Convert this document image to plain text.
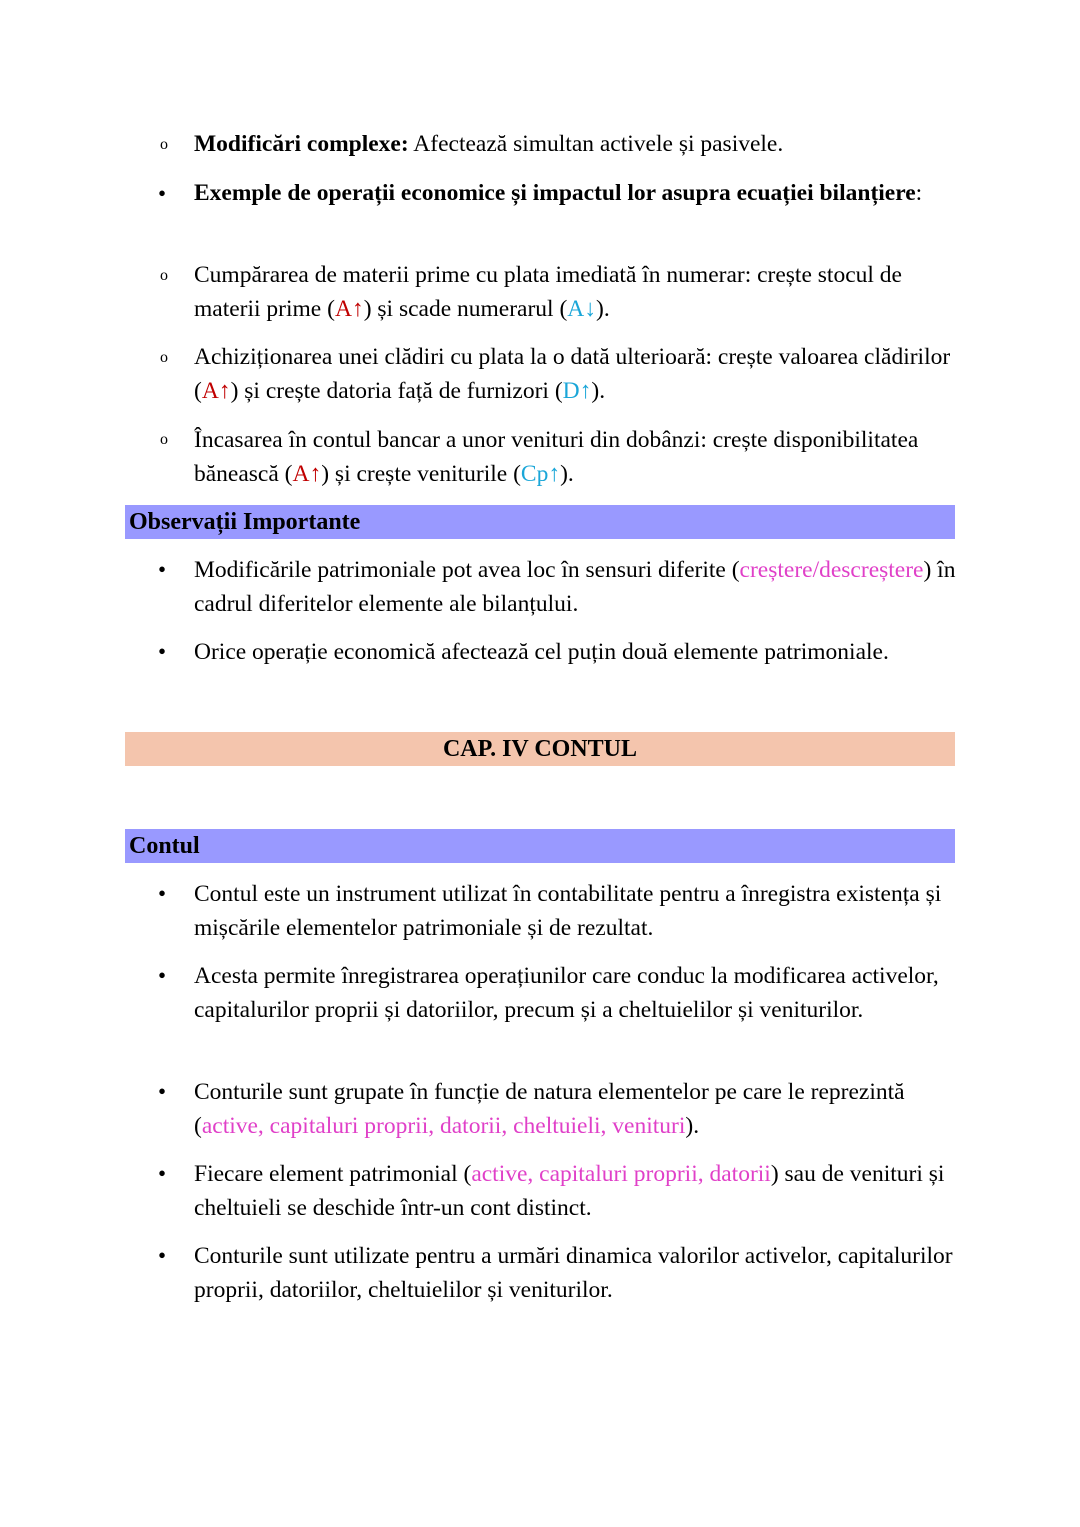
o Modificări complexe: Afectează simultan activele și pasivele.
• Exemple de operații economice și impactul lor asupra ecuației bilanțiere:
o Cumpărarea de materii prime cu plata imediată în numerar: crește stocul de materii prime (A↑) și scade numerarul (A↓).
o Achiziționarea unei clădiri cu plata la o dată ulterioară: crește valoarea clădirilor (A↑) și crește datoria față de furnizori (D↑).
o Încasarea în contul bancar a unor venituri din dobânzi: crește disponibilitatea bănească (A↑) și crește veniturile (Cp↑).
Observații Importante
• Modificările patrimoniale pot avea loc în sensuri diferite (creștere/descreștere) în cadrul diferitelor elemente ale bilanțului.
• Orice operație economică afectează cel puțin două elemente patrimoniale.
CAP. IV CONTUL
Contul
• Contul este un instrument utilizat în contabilitate pentru a înregistra existența și mișcările elementelor patrimoniale și de rezultat.
• Acesta permite înregistrarea operațiunilor care conduc la modificarea activelor, capitalurilor proprii și datoriilor, precum și a cheltuielilor și veniturilor.
• Conturile sunt grupate în funcție de natura elementelor pe care le reprezintă (active, capitaluri proprii, datorii, cheltuieli, venituri).
• Fiecare element patrimonial (active, capitaluri proprii, datorii) sau de venituri și cheltuieli se deschide într-un cont distinct.
• Conturile sunt utilizate pentru a urmări dinamica valorilor activelor, capitalurilor proprii, datoriilor, cheltuielilor și veniturilor.
